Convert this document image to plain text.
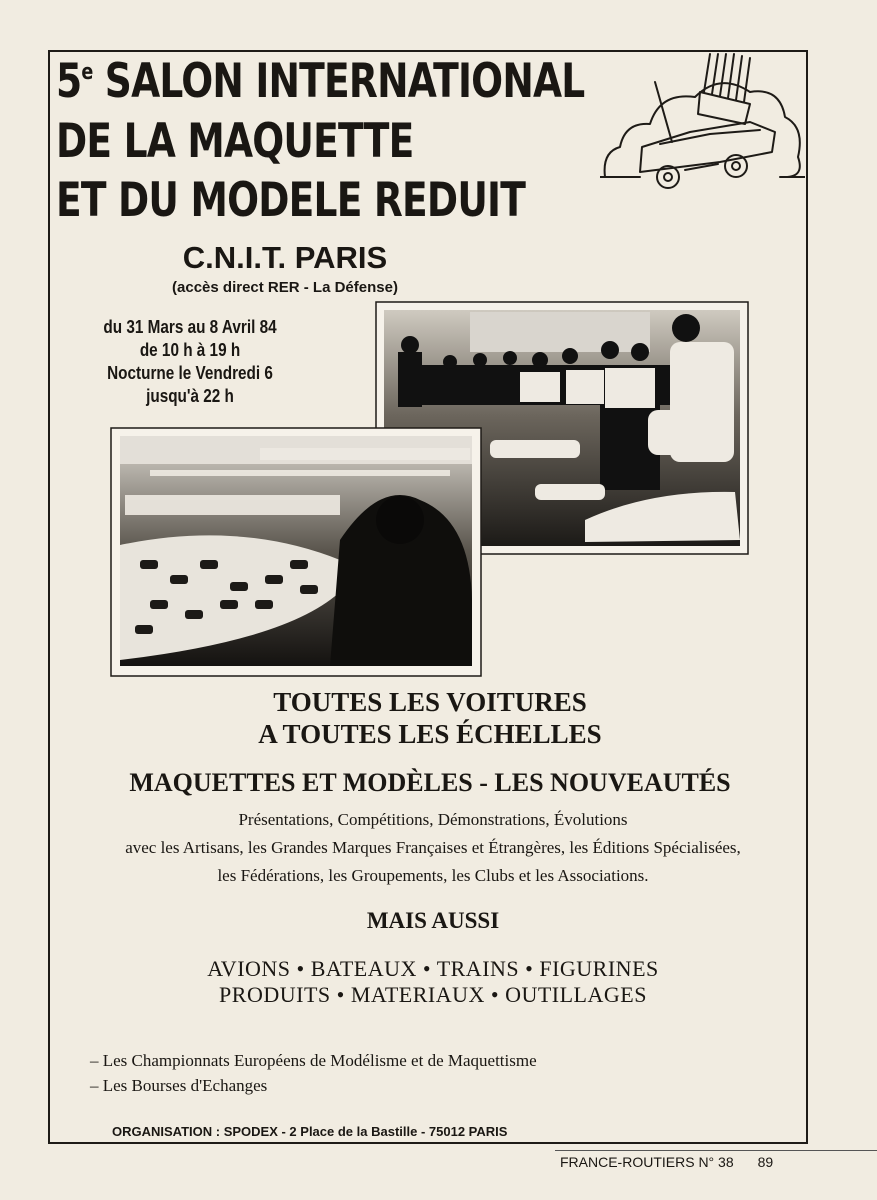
5e SALON INTERNATIONAL
DE LA MAQUETTE
ET DU MODELE REDUIT
C.N.I.T. PARIS
(accès direct RER - La Défense)
du 31 Mars au 8 Avril 84
de 10 h à 19 h
Nocturne le Vendredi 6
jusqu'à 22 h
TOUTES LES VOITURES
A TOUTES LES ÉCHELLES
MAQUETTES ET MODÈLES - LES NOUVEAUTÉS
Présentations, Compétitions, Démonstrations, Évolutions
avec les Artisans, les Grandes Marques Françaises et Étrangères, les Éditions Spécialisées,
les Fédérations, les Groupements, les Clubs et les Associations.
MAIS AUSSI
AVIONS • BATEAUX • TRAINS • FIGURINES
PRODUITS • MATERIAUX • OUTILLAGES
– Les Championnats Européens de Modélisme et de Maquettisme
– Les Bourses d'Echanges
ORGANISATION : SPODEX - 2 Place de la Bastille - 75012 PARIS
FRANCE-ROUTIERS N° 38 89
